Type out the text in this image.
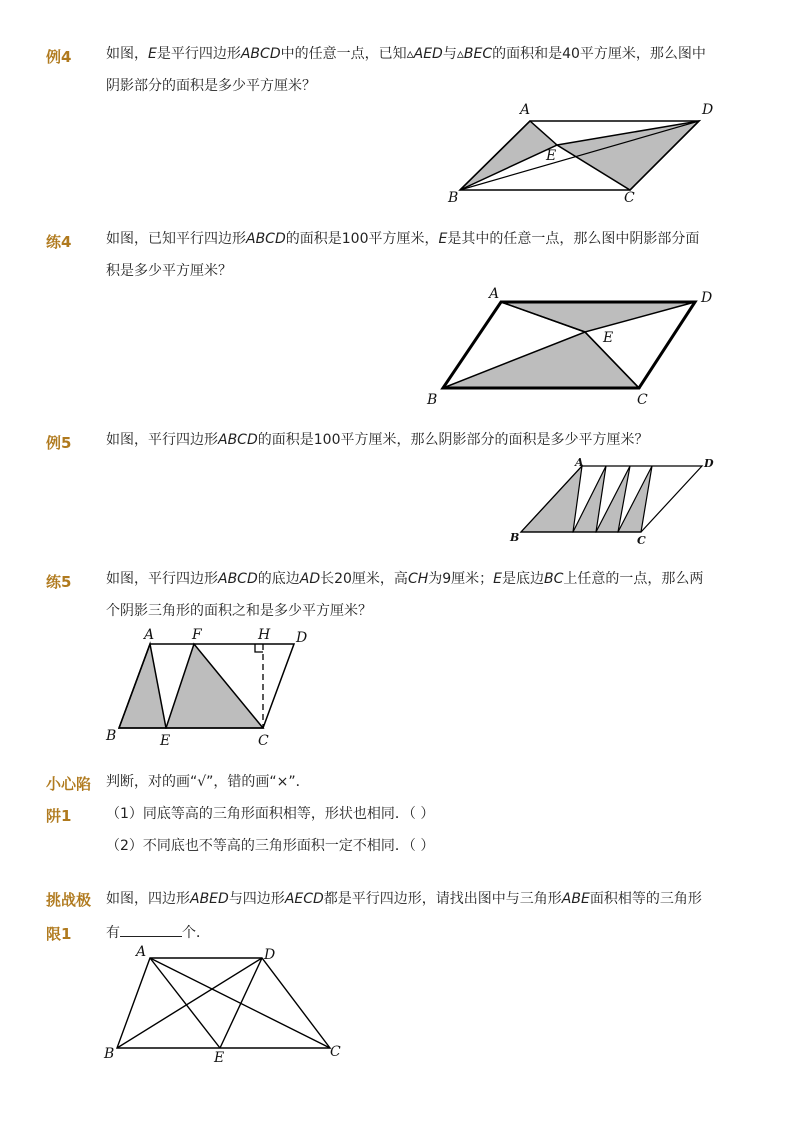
例4 如图，E是平行四边形ABCD中的任意一点，已知▵AED与▵BEC的面积和是40平方厘米，那么图中
阴影部分的面积是多少平方厘米？
A	D
E
B	C
练4 如图，已知平行四边形ABCD的面积是100平方厘米，E是其中的任意一点，那么图中阴影部分面
积是多少平方厘米？
A	D
E
B	C
例5 如图，平行四边形ABCD的面积是100平方厘米，那么阴影部分的面积是多少平方厘米？
A	D
B	C
练5 如图，平行四边形ABCD的底边AD长20厘米，高CH为9厘米；E是底边BC上任意的一点，那么两
个阴影三角形的面积之和是多少平方厘米？
A	F	H D
B	E	C
小心陷
阱1
判断，对的画“√”，错的画“×”．
（1）同底等高的三角形面积相等，形状也相同．（ ）
（2）不同底也不等高的三角形面积一定不相同．（ ）
挑战极
限1
如图，四边形ABED与四边形AECD都是平行四边形，请找出图中与三角形ABE面积相等的三角形
有	个．
A	D
B	E	C
